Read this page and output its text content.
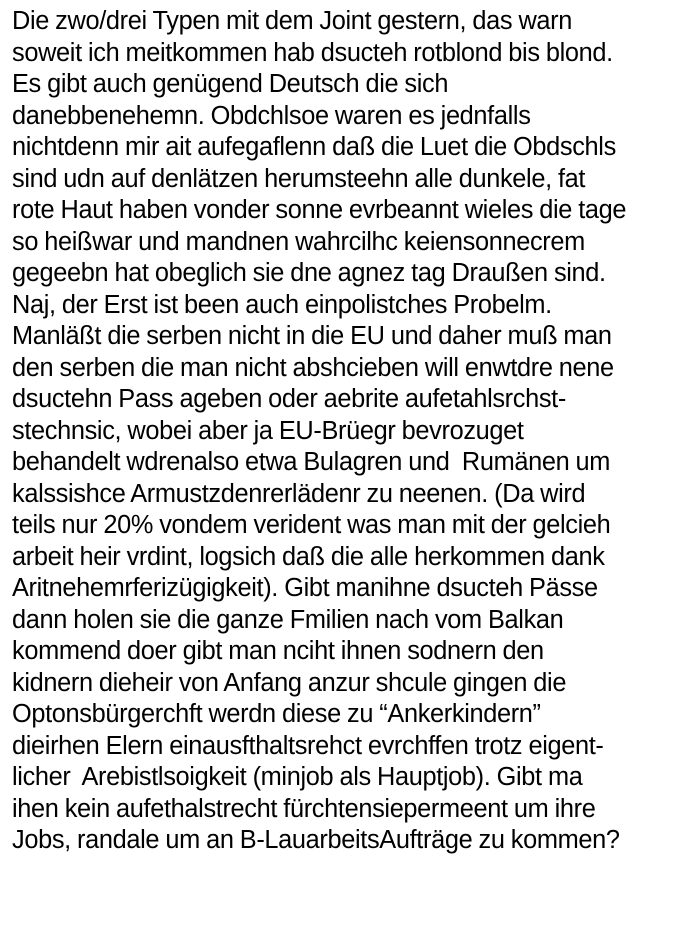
Die zwo/drei Typen mit dem Joint gestern, das warn
soweit ich meitkommen hab dsucteh rotblond bis blond.
Es gibt auch genügend Deutsch die sich
danebbenehemn. Obdchlsoe waren es jednfalls
nichtdenn mir ait aufegaflenn daß die Luet die Obdschls
sind udn auf denlätzen herumsteehn alle dunkele, fat
rote Haut haben vonder sonne evrbeannt wieles die tage
so heißwar und mandnen wahrcilhc keiensonnecrem
gegeebn hat obeglich sie dne agnez tag Draußen sind.
Naj, der Erst ist been auch einpolistches Probelm.
Manläßt die serben nicht in die EU und daher muß man
den serben die man nicht abshcieben will enwtdre nene
dsuctehn Pass ageben oder aebrite aufetahlsrchst-
stechnsic, wobei aber ja EU-Brüegr bevrozuget
behandelt wdrenalso etwa Bulagren und  Rumänen um
kalssishce Armustzdenrerlädenr zu neenen. (Da wird
teils nur 20% vondem verident was man mit der gelcieh
arbeit heir vrdint, logsich daß die alle herkommen dank
Aritnehemrferizügigkeit). Gibt manihne dsucteh Pässe
dann holen sie die ganze Fmilien nach vom Balkan
kommend doer gibt man nciht ihnen sodnern den
kidnern dieheir von Anfang anzur shcule gingen die
Optonsbürgerchft werdn diese zu “Ankerkindern”
dieirhen Elern einausfthaltsrehct evrchffen trotz eigent-
licher  Arebistlsoigkeit (minjob als Hauptjob). Gibt ma
ihen kein aufethalstrecht fürchtensiepermeent um ihre
Jobs, randale um an B-LauarbeitsAufträge zu kommen?
